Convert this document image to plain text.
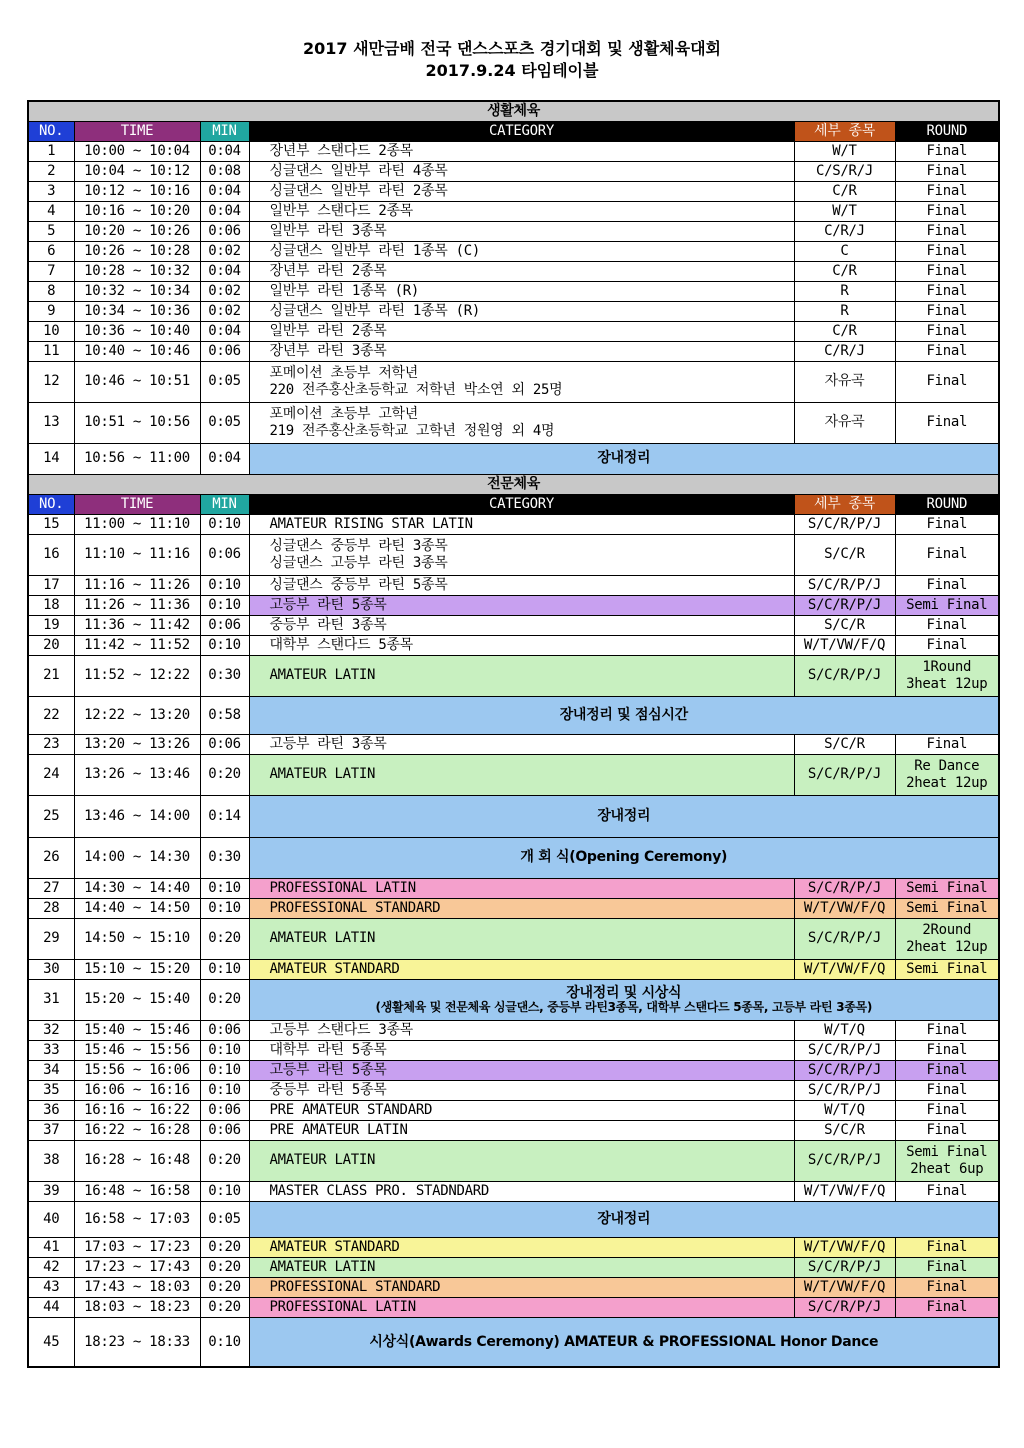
2017 새만금배 전국 댄스스포츠 경기대회 및 생활체육대회
2017.9.24 타임테이블
생활체육					
NO.	TIME	MIN	CATEGORY	세부 종목	ROUND
1	10:00 ~ 10:04	0:04	장년부 스탠다드 2종목	W/T	Final
2	10:04 ~ 10:12	0:08	싱글댄스 일반부 라틴 4종목	C/S/R/J	Final
3	10:12 ~ 10:16	0:04	싱글댄스 일반부 라틴 2종목	C/R	Final
4	10:16 ~ 10:20	0:04	일반부 스탠다드 2종목	W/T	Final
5	10:20 ~ 10:26	0:06	일반부 라틴 3종목	C/R/J	Final
6	10:26 ~ 10:28	0:02	싱글댄스 일반부 라틴 1종목 (C)	C	Final
7	10:28 ~ 10:32	0:04	장년부 라틴 2종목	C/R	Final
8	10:32 ~ 10:34	0:02	일반부 라틴 1종목 (R)	R	Final
9	10:34 ~ 10:36	0:02	싱글댄스 일반부 라틴 1종목 (R)	R	Final
10	10:36 ~ 10:40	0:04	일반부 라틴 2종목	C/R	Final
11	10:40 ~ 10:46	0:06	장년부 라틴 3종목	C/R/J	Final
12	10:46 ~ 10:51	0:05	포메이션 초등부 저학년
220 전주홍산초등학교 저학년 박소연 외 25명	자유곡	Final
13	10:51 ~ 10:56	0:05	포메이션 초등부 고학년
219 전주홍산초등학교 고학년 정원영 외 4명	자유곡	Final
14	10:56 ~ 11:00	0:04	장내정리		
전문체육					
NO.	TIME	MIN	CATEGORY	세부 종목	ROUND
15	11:00 ~ 11:10	0:10	AMATEUR RISING STAR LATIN	S/C/R/P/J	Final
16	11:10 ~ 11:16	0:06	싱글댄스 중등부 라틴 3종목
싱글댄스 고등부 라틴 3종목	S/C/R	Final
17	11:16 ~ 11:26	0:10	싱글댄스 중등부 라틴 5종목	S/C/R/P/J	Final
18	11:26 ~ 11:36	0:10	고등부 라틴 5종목	S/C/R/P/J	Semi Final
19	11:36 ~ 11:42	0:06	중등부 라틴 3종목	S/C/R	Final
20	11:42 ~ 11:52	0:10	대학부 스탠다드 5종목	W/T/VW/F/Q	Final
21	11:52 ~ 12:22	0:30	AMATEUR LATIN	S/C/R/P/J	1Round
3heat 12up

22	12:22 ~ 13:20	0:58	장내정리 및 점심시간		
23	13:20 ~ 13:26	0:06	고등부 라틴 3종목	S/C/R	Final
24	13:26 ~ 13:46	0:20	AMATEUR LATIN	S/C/R/P/J	Re Dance
2heat 12up

25	13:46 ~ 14:00	0:14	장내정리		
26	14:00 ~ 14:30	0:30	개 회 식(Opening Ceremony)		
27	14:30 ~ 14:40	0:10	PROFESSIONAL LATIN	S/C/R/P/J	Semi Final
28	14:40 ~ 14:50	0:10	PROFESSIONAL STANDARD	W/T/VW/F/Q	Semi Final
29	14:50 ~ 15:10	0:20	AMATEUR LATIN	S/C/R/P/J	2Round
2heat 12up

30	15:10 ~ 15:20	0:10	AMATEUR STANDARD	W/T/VW/F/Q	Semi Final
31	15:20 ~ 15:40	0:20	장내정리 및 시상식
(생활체육 및 전문체육 싱글댄스, 중등부 라틴3종목, 대학부 스탠다드 5종목, 고등부 라틴 3종목)		

32	15:40 ~ 15:46	0:06	고등부 스탠다드 3종목	W/T/Q	Final
33	15:46 ~ 15:56	0:10	대학부 라틴 5종목	S/C/R/P/J	Final
34	15:56 ~ 16:06	0:10	고등부 라틴 5종목	S/C/R/P/J	Final
35	16:06 ~ 16:16	0:10	중등부 라틴 5종목	S/C/R/P/J	Final
36	16:16 ~ 16:22	0:06	PRE AMATEUR STANDARD	W/T/Q	Final
37	16:22 ~ 16:28	0:06	PRE AMATEUR LATIN	S/C/R	Final
38	16:28 ~ 16:48	0:20	AMATEUR LATIN	S/C/R/P/J	Semi Final
2heat 6up

39	16:48 ~ 16:58	0:10	MASTER CLASS PRO. STADNDARD	W/T/VW/F/Q	Final
40	16:58 ~ 17:03	0:05	장내정리		
41	17:03 ~ 17:23	0:20	AMATEUR STANDARD	W/T/VW/F/Q	Final
42	17:23 ~ 17:43	0:20	AMATEUR LATIN	S/C/R/P/J	Final
43	17:43 ~ 18:03	0:20	PROFESSIONAL STANDARD	W/T/VW/F/Q	Final
44	18:03 ~ 18:23	0:20	PROFESSIONAL LATIN	S/C/R/P/J	Final
45	18:23 ~ 18:33	0:10	시상식(Awards Ceremony) AMATEUR & PROFESSIONAL Honor Dance		
